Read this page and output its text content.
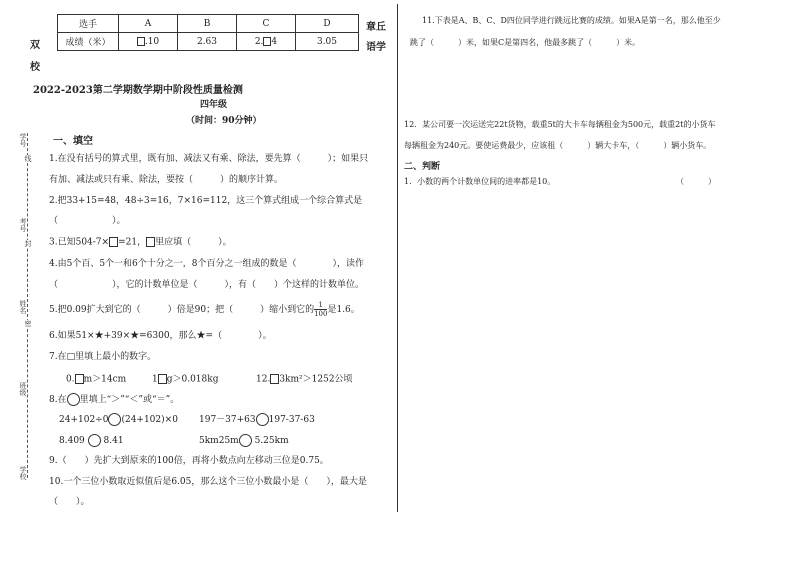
选手	A	B	C	D
成绩（米）	.10	2.63	2. 4	3.05
双
校
章丘
语学
学号
考号
姓名
班级
学校
线
封
密
2022-2023第二学期数学期中阶段性质量检测
四年级
（时间：90分钟）
一、填空
1.在没有括号的算式里，既有加、减法又有乘、除法，要先算（　　　）；如果只
有加、减法或只有乘、除法，要按（　　　）的顺序计算。
2.把33+15=48，48÷3=16，7×16=112，这三个算式组成一个综合算式是
（　　　　　　）。
3.已知504-7× =21， 里应填（　　　）。
4.由5个百、5个一和6个十分之一，8个百分之一组成的数是（　　　　），读作
（　　　　　　），它的计数单位是（　　　），有（　　）个这样的计数单位。
5.把0.09扩大到它的（　　　）倍是90；把（　　　）缩小到它的 $\frac{1}{100}$ 是1.6。
6.如果51×★+39×★=6300，那么★=（　　　　）。
7.在□里填上最小的数字。
0. m＞14cm	1 g＞0.018kg	12. 3km²＞1252公顷
8.在 里填上“＞”“＜”或“＝”。
24+102÷0 (24+102)×0 197－37+63 197-37-63
8.409 8.41	5km25m 5.25km
9.（　　）先扩大到原来的100倍，再将小数点向左移动三位是0.75。
10.一个三位小数取近似值后是6.05，那么这个三位小数最小是（　　），最大是
（　　）。
11.下表是A、B、C、D四位同学进行跳远比赛的成绩。如果A是第一名，那么他至少
跳了（　　　）米，如果C是第四名，他最多跳了（　　　）米。
12．某公司要一次运送完22t货物，载重5t的大卡车每辆租金为500元，载重2t的小货车
每辆租金为240元。要使运费最少，应该租（　　　）辆大卡车，（　　　）辆小货车。
二、判断
1．小数的两个计数单位间的进率都是10。	（　　　）
